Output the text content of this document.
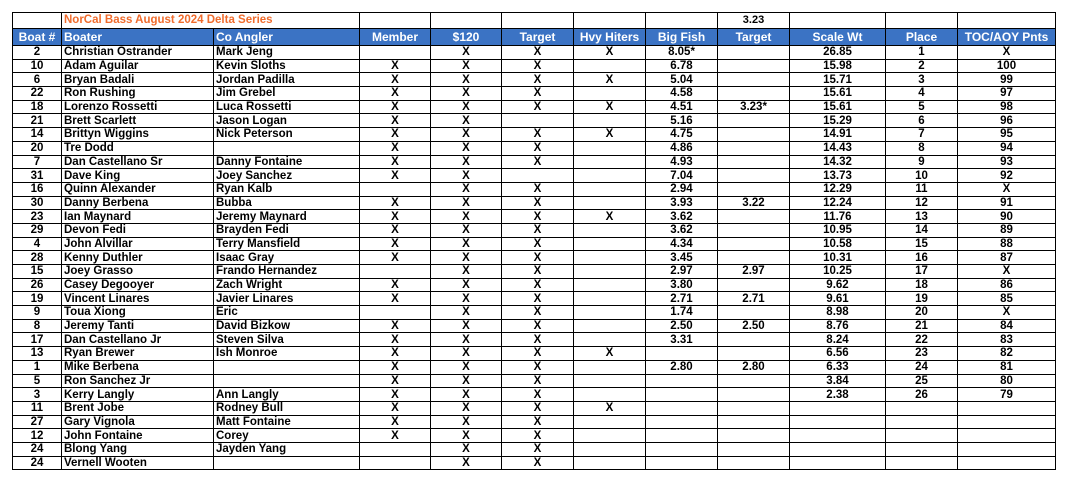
	NorCal Bass August 2024 Delta Series							3.23			
Boat #	Boater	Co Angler	Member	$120	Target	Hvy Hiters	Big Fish	Target	Scale Wt	Place	TOC/AOY Pnts
2	Christian Ostrander	Mark Jeng		X	X	X	8.05*		26.85	1	X
10	Adam Aguilar	Kevin Sloths	X	X	X		6.78		15.98	2	100
6	Bryan Badali	Jordan Padilla	X	X	X	X	5.04		15.71	3	99
22	Ron Rushing	Jim Grebel	X	X	X		4.58		15.61	4	97
18	Lorenzo Rossetti	Luca Rossetti	X	X	X	X	4.51	3.23*	15.61	5	98
21	Brett Scarlett	Jason Logan	X	X			5.16		15.29	6	96
14	Brittyn Wiggins	Nick Peterson	X	X	X	X	4.75		14.91	7	95
20	Tre Dodd		X	X	X		4.86		14.43	8	94
7	Dan Castellano Sr	Danny Fontaine	X	X	X		4.93		14.32	9	93
31	Dave King	Joey Sanchez	X	X			7.04		13.73	10	92
16	Quinn Alexander	Ryan Kalb		X	X		2.94		12.29	11	X
30	Danny Berbena	Bubba	X	X	X		3.93	3.22	12.24	12	91
23	Ian Maynard	Jeremy Maynard	X	X	X	X	3.62		11.76	13	90
29	Devon Fedi	Brayden Fedi	X	X	X		3.62		10.95	14	89
4	John Alvillar	Terry Mansfield	X	X	X		4.34		10.58	15	88
28	Kenny Duthler	Isaac Gray	X	X	X		3.45		10.31	16	87
15	Joey Grasso	Frando Hernandez		X	X		2.97	2.97	10.25	17	X
26	Casey Degooyer	Zach Wright	X	X	X		3.80		9.62	18	86
19	Vincent Linares	Javier Linares	X	X	X		2.71	2.71	9.61	19	85
9	Toua Xiong	Eric		X	X		1.74		8.98	20	X
8	Jeremy Tanti	David Bizkow	X	X	X		2.50	2.50	8.76	21	84
17	Dan Castellano Jr	Steven Silva	X	X	X		3.31		8.24	22	83
13	Ryan Brewer	Ish Monroe	X	X	X	X			6.56	23	82
1	Mike Berbena		X	X	X		2.80	2.80	6.33	24	81
5	Ron Sanchez Jr		X	X	X				3.84	25	80
3	Kerry Langly	Ann Langly	X	X	X				2.38	26	79
11	Brent Jobe	Rodney Bull	X	X	X	X					
27	Gary Vignola	Matt Fontaine	X	X	X						
12	John Fontaine	Corey	X	X	X						
24	Blong Yang	Jayden Yang		X	X						
24	Vernell Wooten			X	X						
